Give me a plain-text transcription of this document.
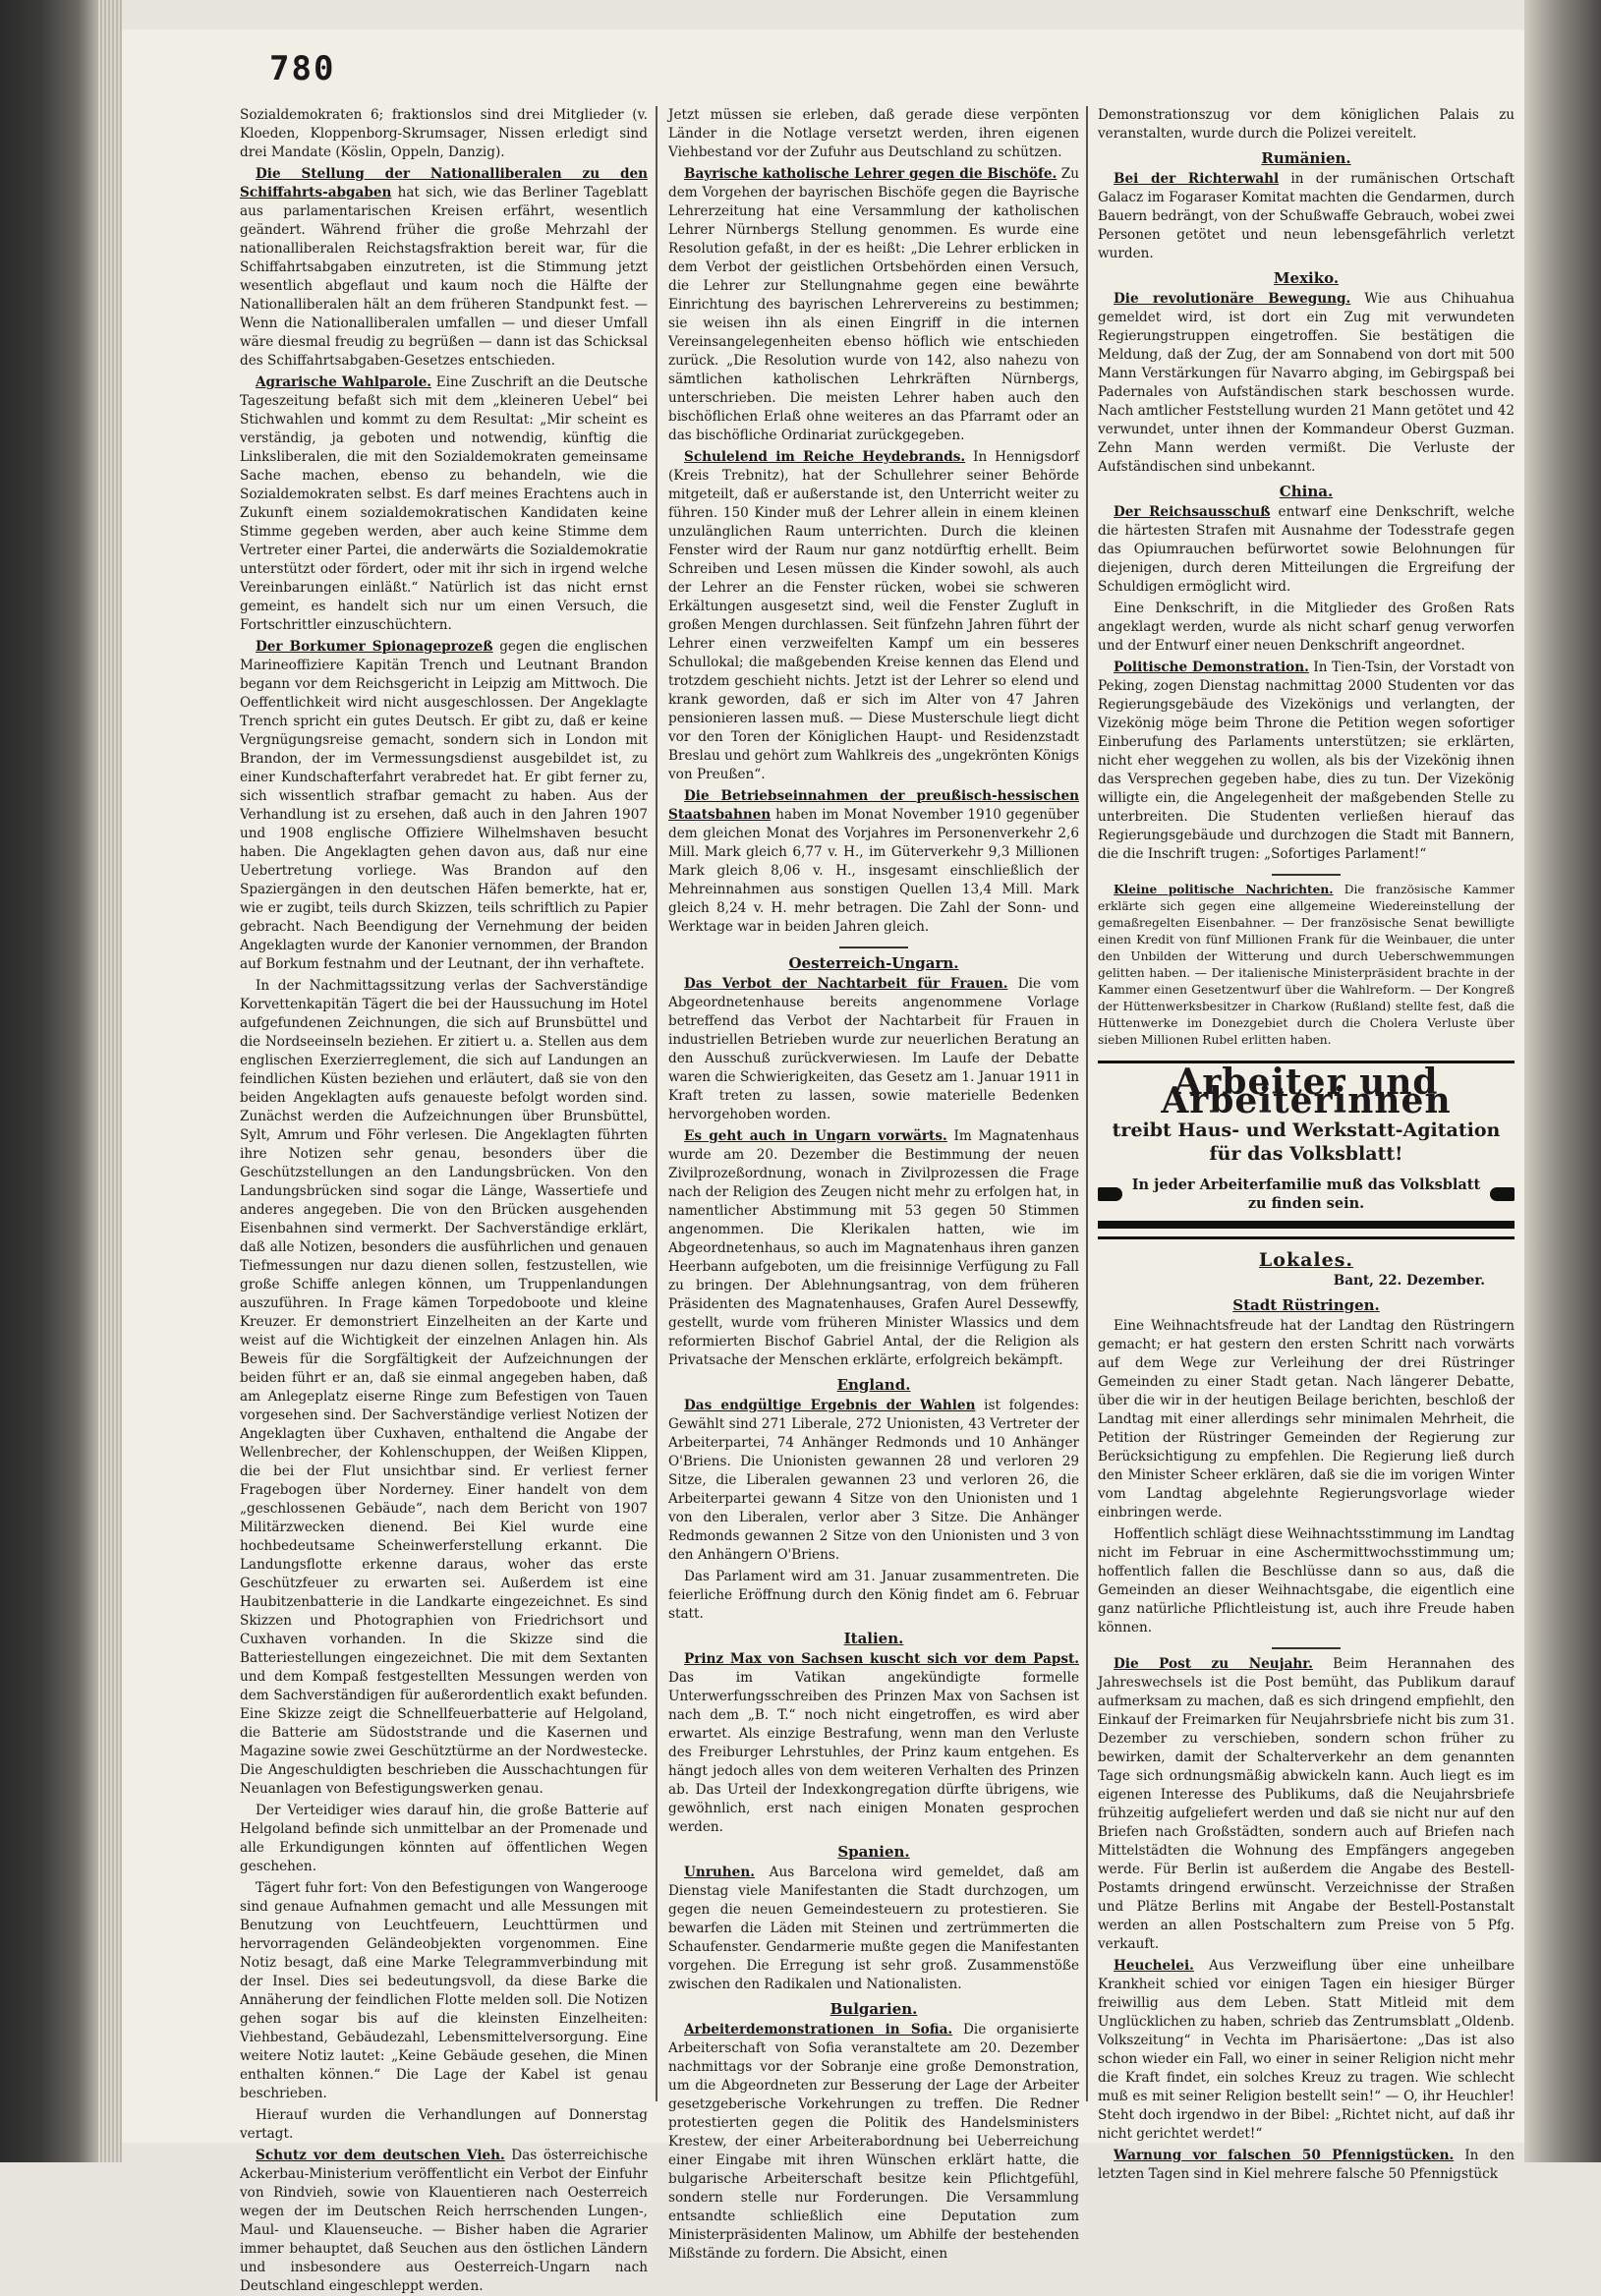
780

Sozialdemokraten 6; fraktionslos sind drei Mitglieder (v. Kloeden, Kloppenborg-Skrumsager, Nissen erledigt sind drei Mandate (Köslin, Oppeln, Danzig).

Die Stellung der Nationalliberalen zu den Schiffahrts-abgaben hat sich, wie das Berliner Tageblatt aus parlamentarischen Kreisen erfährt, wesentlich geändert. Während früher die große Mehrzahl der nationalliberalen Reichstagsfraktion bereit war, für die Schiffahrtsabgaben einzutreten, ist die Stimmung jetzt wesentlich abgeflaut und kaum noch die Hälfte der Nationalliberalen hält an dem früheren Standpunkt fest. — Wenn die Nationalliberalen umfallen — und dieser Umfall wäre diesmal freudig zu begrüßen — dann ist das Schicksal des Schiffahrtsabgaben-Gesetzes entschieden.

Agrarische Wahlparole. Eine Zuschrift an die Deutsche Tageszeitung befaßt sich mit dem „kleineren Uebel“ bei Stichwahlen und kommt zu dem Resultat: „Mir scheint es verständig, ja geboten und notwendig, künftig die Linksliberalen, die mit den Sozialdemokraten gemeinsame Sache machen, ebenso zu behandeln, wie die Sozialdemokraten selbst. Es darf meines Erachtens auch in Zukunft einem sozialdemokratischen Kandidaten keine Stimme gegeben werden, aber auch keine Stimme dem Vertreter einer Partei, die anderwärts die Sozialdemokratie unterstützt oder fördert, oder mit ihr sich in irgend welche Vereinbarungen einläßt.“ Natürlich ist das nicht ernst gemeint, es handelt sich nur um einen Versuch, die Fortschrittler einzuschüchtern.

Der Borkumer Spionageprozeß gegen die englischen Marineoffiziere Kapitän Trench und Leutnant Brandon begann vor dem Reichsgericht in Leipzig am Mittwoch. Die Oeffentlichkeit wird nicht ausgeschlossen. Der Angeklagte Trench spricht ein gutes Deutsch. Er gibt zu, daß er keine Vergnügungsreise gemacht, sondern sich in London mit Brandon, der im Vermessungsdienst ausgebildet ist, zu einer Kundschafterfahrt verabredet hat. Er gibt ferner zu, sich wissentlich strafbar gemacht zu haben. Aus der Verhandlung ist zu ersehen, daß auch in den Jahren 1907 und 1908 englische Offiziere Wilhelmshaven besucht haben. Die Angeklagten gehen davon aus, daß nur eine Uebertretung vorliege. Was Brandon auf den Spaziergängen in den deutschen Häfen bemerkte, hat er, wie er zugibt, teils durch Skizzen, teils schriftlich zu Papier gebracht. Nach Beendigung der Vernehmung der beiden Angeklagten wurde der Kanonier vernommen, der Brandon auf Borkum festnahm und der Leutnant, der ihn verhaftete.

In der Nachmittagssitzung verlas der Sachverständige Korvettenkapitän Tägert die bei der Haussuchung im Hotel aufgefundenen Zeichnungen, die sich auf Brunsbüttel und die Nordseeinseln beziehen. Er zitiert u. a. Stellen aus dem englischen Exerzierreglement, die sich auf Landungen an feindlichen Küsten beziehen und erläutert, daß sie von den beiden Angeklagten aufs genaueste befolgt worden sind. Zunächst werden die Aufzeichnungen über Brunsbüttel, Sylt, Amrum und Föhr verlesen. Die Angeklagten führten ihre Notizen sehr genau, besonders über die Geschützstellungen an den Landungsbrücken. Von den Landungsbrücken sind sogar die Länge, Wassertiefe und anderes angegeben. Die von den Brücken ausgehenden Eisenbahnen sind vermerkt. Der Sachverständige erklärt, daß alle Notizen, besonders die ausführlichen und genauen Tiefmessungen nur dazu dienen sollen, festzustellen, wie große Schiffe anlegen können, um Truppenlandungen auszuführen. In Frage kämen Torpedoboote und kleine Kreuzer. Er demonstriert Einzelheiten an der Karte und weist auf die Wichtigkeit der einzelnen Anlagen hin. Als Beweis für die Sorgfältigkeit der Aufzeichnungen der beiden führt er an, daß sie einmal angegeben haben, daß am Anlegeplatz eiserne Ringe zum Befestigen von Tauen vorgesehen sind. Der Sachverständige verliest Notizen der Angeklagten über Cuxhaven, enthaltend die Angabe der Wellenbrecher, der Kohlenschuppen, der Weißen Klippen, die bei der Flut unsichtbar sind. Er verliest ferner Fragebogen über Norderney. Einer handelt von dem „geschlossenen Gebäude“, nach dem Bericht von 1907 Militärzwecken dienend. Bei Kiel wurde eine hochbedeutsame Scheinwerferstellung erkannt. Die Landungsflotte erkenne daraus, woher das erste Geschützfeuer zu erwarten sei. Außerdem ist eine Haubitzenbatterie in die Landkarte eingezeichnet. Es sind Skizzen und Photographien von Friedrichsort und Cuxhaven vorhanden. In die Skizze sind die Batteriestellungen eingezeichnet. Die mit dem Sextanten und dem Kompaß festgestellten Messungen werden von dem Sachverständigen für außerordentlich exakt befunden. Eine Skizze zeigt die Schnellfeuerbatterie auf Helgoland, die Batterie am Südoststrande und die Kasernen und Magazine sowie zwei Geschütztürme an der Nordwestecke. Die Angeschuldigten beschrieben die Ausschachtungen für Neuanlagen von Befestigungswerken genau.

Der Verteidiger wies darauf hin, die große Batterie auf Helgoland befinde sich unmittelbar an der Promenade und alle Erkundigungen könnten auf öffentlichen Wegen geschehen.

Tägert fuhr fort: Von den Befestigungen von Wangerooge sind genaue Aufnahmen gemacht und alle Messungen mit Benutzung von Leuchtfeuern, Leuchttürmen und hervorragenden Geländeobjekten vorgenommen. Eine Notiz besagt, daß eine Marke Telegrammverbindung mit der Insel. Dies sei bedeutungsvoll, da diese Barke die Annäherung der feindlichen Flotte melden soll. Die Notizen gehen sogar bis auf die kleinsten Einzelheiten: Viehbestand, Gebäudezahl, Lebensmittelversorgung. Eine weitere Notiz lautet: „Keine Gebäude gesehen, die Minen enthalten können.“ Die Lage der Kabel ist genau beschrieben.

Hierauf wurden die Verhandlungen auf Donnerstag vertagt.

Schutz vor dem deutschen Vieh. Das österreichische Ackerbau-Ministerium veröffentlicht ein Verbot der Einfuhr von Rindvieh, sowie von Klauentieren nach Oesterreich wegen der im Deutschen Reich herrschenden Lungen-, Maul- und Klauenseuche. — Bisher haben die Agrarier immer behauptet, daß Seuchen aus den östlichen Ländern und insbesondere aus Oesterreich-Ungarn nach Deutschland eingeschleppt werden.

Jetzt müssen sie erleben, daß gerade diese verpönten Länder in die Notlage versetzt werden, ihren eigenen Viehbestand vor der Zufuhr aus Deutschland zu schützen.

Bayrische katholische Lehrer gegen die Bischöfe. Zu dem Vorgehen der bayrischen Bischöfe gegen die Bayrische Lehrerzeitung hat eine Versammlung der katholischen Lehrer Nürnbergs Stellung genommen. Es wurde eine Resolution gefaßt, in der es heißt: „Die Lehrer erblicken in dem Verbot der geistlichen Ortsbehörden einen Versuch, die Lehrer zur Stellungnahme gegen eine bewährte Einrichtung des bayrischen Lehrervereins zu bestimmen; sie weisen ihn als einen Eingriff in die internen Vereinsangelegenheiten ebenso höflich wie entschieden zurück. „Die Resolution wurde von 142, also nahezu von sämtlichen katholischen Lehrkräften Nürnbergs, unterschrieben. Die meisten Lehrer haben auch den bischöflichen Erlaß ohne weiteres an das Pfarramt oder an das bischöfliche Ordinariat zurückgegeben.

Schulelend im Reiche Heydebrands. In Hennigsdorf (Kreis Trebnitz), hat der Schullehrer seiner Behörde mitgeteilt, daß er außerstande ist, den Unterricht weiter zu führen. 150 Kinder muß der Lehrer allein in einem kleinen unzulänglichen Raum unterrichten. Durch die kleinen Fenster wird der Raum nur ganz notdürftig erhellt. Beim Schreiben und Lesen müssen die Kinder sowohl, als auch der Lehrer an die Fenster rücken, wobei sie schweren Erkältungen ausgesetzt sind, weil die Fenster Zugluft in großen Mengen durchlassen. Seit fünfzehn Jahren führt der Lehrer einen verzweifelten Kampf um ein besseres Schullokal; die maßgebenden Kreise kennen das Elend und trotzdem geschieht nichts. Jetzt ist der Lehrer so elend und krank geworden, daß er sich im Alter von 47 Jahren pensionieren lassen muß. — Diese Musterschule liegt dicht vor den Toren der Königlichen Haupt- und Residenzstadt Breslau und gehört zum Wahlkreis des „ungekrönten Königs von Preußen“.

Die Betriebseinnahmen der preußisch-hessischen Staatsbahnen haben im Monat November 1910 gegenüber dem gleichen Monat des Vorjahres im Personenverkehr 2,6 Mill. Mark gleich 6,77 v. H., im Güterverkehr 9,3 Millionen Mark gleich 8,06 v. H., insgesamt einschließlich der Mehreinnahmen aus sonstigen Quellen 13,4 Mill. Mark gleich 8,24 v. H. mehr betragen. Die Zahl der Sonn- und Werktage war in beiden Jahren gleich.

Oesterreich-Ungarn.

Das Verbot der Nachtarbeit für Frauen. Die vom Abgeordnetenhause bereits angenommene Vorlage betreffend das Verbot der Nachtarbeit für Frauen in industriellen Betrieben wurde zur neuerlichen Beratung an den Ausschuß zurückverwiesen. Im Laufe der Debatte waren die Schwierigkeiten, das Gesetz am 1. Januar 1911 in Kraft treten zu lassen, sowie materielle Bedenken hervorgehoben worden.

Es geht auch in Ungarn vorwärts. Im Magnatenhaus wurde am 20. Dezember die Bestimmung der neuen Zivilprozeßordnung, wonach in Zivilprozessen die Frage nach der Religion des Zeugen nicht mehr zu erfolgen hat, in namentlicher Abstimmung mit 53 gegen 50 Stimmen angenommen. Die Klerikalen hatten, wie im Abgeordnetenhaus, so auch im Magnatenhaus ihren ganzen Heerbann aufgeboten, um die freisinnige Verfügung zu Fall zu bringen. Der Ablehnungsantrag, von dem früheren Präsidenten des Magnatenhauses, Grafen Aurel Dessewffy, gestellt, wurde vom früheren Minister Wlassics und dem reformierten Bischof Gabriel Antal, der die Religion als Privatsache der Menschen erklärte, erfolgreich bekämpft.

England.

Das endgültige Ergebnis der Wahlen ist folgendes: Gewählt sind 271 Liberale, 272 Unionisten, 43 Vertreter der Arbeiterpartei, 74 Anhänger Redmonds und 10 Anhänger O'Briens. Die Unionisten gewannen 28 und verloren 29 Sitze, die Liberalen gewannen 23 und verloren 26, die Arbeiterpartei gewann 4 Sitze von den Unionisten und 1 von den Liberalen, verlor aber 3 Sitze. Die Anhänger Redmonds gewannen 2 Sitze von den Unionisten und 3 von den Anhängern O'Briens.

Das Parlament wird am 31. Januar zusammentreten. Die feierliche Eröffnung durch den König findet am 6. Februar statt.

Italien.

Prinz Max von Sachsen kuscht sich vor dem Papst. Das im Vatikan angekündigte formelle Unterwerfungsschreiben des Prinzen Max von Sachsen ist nach dem „B. T.“ noch nicht eingetroffen, es wird aber erwartet. Als einzige Bestrafung, wenn man den Verluste des Freiburger Lehrstuhles, der Prinz kaum entgehen. Es hängt jedoch alles von dem weiteren Verhalten des Prinzen ab. Das Urteil der Indexkongregation dürfte übrigens, wie gewöhnlich, erst nach einigen Monaten gesprochen werden.

Spanien.

Unruhen. Aus Barcelona wird gemeldet, daß am Dienstag viele Manifestanten die Stadt durchzogen, um gegen die neuen Gemeindesteuern zu protestieren. Sie bewarfen die Läden mit Steinen und zertrümmerten die Schaufenster. Gendarmerie mußte gegen die Manifestanten vorgehen. Die Erregung ist sehr groß. Zusammenstöße zwischen den Radikalen und Nationalisten.

Bulgarien.

Arbeiterdemonstrationen in Sofia. Die organisierte Arbeiterschaft von Sofia veranstaltete am 20. Dezember nachmittags vor der Sobranje eine große Demonstration, um die Abgeordneten zur Besserung der Lage der Arbeiter gesetzgeberische Vorkehrungen zu treffen. Die Redner protestierten gegen die Politik des Handelsministers Krestew, der einer Arbeiterabordnung bei Ueberreichung einer Eingabe mit ihren Wünschen erklärt hatte, die bulgarische Arbeiterschaft besitze kein Pflichtgefühl, sondern stelle nur Forderungen. Die Versammlung entsandte schließlich eine Deputation zum Ministerpräsidenten Malinow, um Abhilfe der bestehenden Mißstände zu fordern. Die Absicht, einen

Demonstrationszug vor dem königlichen Palais zu veranstalten, wurde durch die Polizei vereitelt.

Rumänien.

Bei der Richterwahl in der rumänischen Ortschaft Galacz im Fogaraser Komitat machten die Gendarmen, durch Bauern bedrängt, von der Schußwaffe Gebrauch, wobei zwei Personen getötet und neun lebensgefährlich verletzt wurden.

Mexiko.

Die revolutionäre Bewegung. Wie aus Chihuahua gemeldet wird, ist dort ein Zug mit verwundeten Regierungstruppen eingetroffen. Sie bestätigen die Meldung, daß der Zug, der am Sonnabend von dort mit 500 Mann Verstärkungen für Navarro abging, im Gebirgspaß bei Padernales von Aufständischen stark beschossen wurde. Nach amtlicher Feststellung wurden 21 Mann getötet und 42 verwundet, unter ihnen der Kommandeur Oberst Guzman. Zehn Mann werden vermißt. Die Verluste der Aufständischen sind unbekannt.

China.

Der Reichsausschuß entwarf eine Denkschrift, welche die härtesten Strafen mit Ausnahme der Todesstrafe gegen das Opiumrauchen befürwortet sowie Belohnungen für diejenigen, durch deren Mitteilungen die Ergreifung der Schuldigen ermöglicht wird.

Eine Denkschrift, in die Mitglieder des Großen Rats angeklagt werden, wurde als nicht scharf genug verworfen und der Entwurf einer neuen Denkschrift angeordnet.

Politische Demonstration. In Tien-Tsin, der Vorstadt von Peking, zogen Dienstag nachmittag 2000 Studenten vor das Regierungsgebäude des Vizekönigs und verlangten, der Vizekönig möge beim Throne die Petition wegen sofortiger Einberufung des Parlaments unterstützen; sie erklärten, nicht eher weggehen zu wollen, als bis der Vizekönig ihnen das Versprechen gegeben habe, dies zu tun. Der Vizekönig willigte ein, die Angelegenheit der maßgebenden Stelle zu unterbreiten. Die Studenten verließen hierauf das Regierungsgebäude und durchzogen die Stadt mit Bannern, die die Inschrift trugen: „Sofortiges Parlament!“

Kleine politische Nachrichten. Die französische Kammer erklärte sich gegen eine allgemeine Wiedereinstellung der gemaßregelten Eisenbahner. — Der französische Senat bewilligte einen Kredit von fünf Millionen Frank für die Weinbauer, die unter den Unbilden der Witterung und durch Ueberschwemmungen gelitten haben. — Der italienische Ministerpräsident brachte in der Kammer einen Gesetzentwurf über die Wahlreform. — Der Kongreß der Hüttenwerksbesitzer in Charkow (Rußland) stellte fest, daß die Hüttenwerke im Donezgebiet durch die Cholera Verluste über sieben Millionen Rubel erlitten haben.

Arbeiter und Arbeiterinnen
treibt Haus- und Werkstatt-Agitation für das Volksblatt!
In jeder Arbeiterfamilie muß das Volksblatt zu finden sein.
Lokales.
Bant, 22. Dezember.
Stadt Rüstringen.

Eine Weihnachtsfreude hat der Landtag den Rüstringern gemacht; er hat gestern den ersten Schritt nach vorwärts auf dem Wege zur Verleihung der drei Rüstringer Gemeinden zu einer Stadt getan. Nach längerer Debatte, über die wir in der heutigen Beilage berichten, beschloß der Landtag mit einer allerdings sehr minimalen Mehrheit, die Petition der Rüstringer Gemeinden der Regierung zur Berücksichtigung zu empfehlen. Die Regierung ließ durch den Minister Scheer erklären, daß sie die im vorigen Winter vom Landtag abgelehnte Regierungsvorlage wieder einbringen werde.

Hoffentlich schlägt diese Weihnachtsstimmung im Landtag nicht im Februar in eine Aschermittwochsstimmung um; hoffentlich fallen die Beschlüsse dann so aus, daß die Gemeinden an dieser Weihnachtsgabe, die eigentlich eine ganz natürliche Pflichtleistung ist, auch ihre Freude haben können.

Die Post zu Neujahr. Beim Herannahen des Jahreswechsels ist die Post bemüht, das Publikum darauf aufmerksam zu machen, daß es sich dringend empfiehlt, den Einkauf der Freimarken für Neujahrsbriefe nicht bis zum 31. Dezember zu verschieben, sondern schon früher zu bewirken, damit der Schalterverkehr an dem genannten Tage sich ordnungsmäßig abwickeln kann. Auch liegt es im eigenen Interesse des Publikums, daß die Neujahrsbriefe frühzeitig aufgeliefert werden und daß sie nicht nur auf den Briefen nach Großstädten, sondern auch auf Briefen nach Mittelstädten die Wohnung des Empfängers angegeben werde. Für Berlin ist außerdem die Angabe des Bestell-Postamts dringend erwünscht. Verzeichnisse der Straßen und Plätze Berlins mit Angabe der Bestell-Postanstalt werden an allen Postschaltern zum Preise von 5 Pfg. verkauft.

Heuchelei. Aus Verzweiflung über eine unheilbare Krankheit schied vor einigen Tagen ein hiesiger Bürger freiwillig aus dem Leben. Statt Mitleid mit dem Unglücklichen zu haben, schrieb das Zentrumsblatt „Oldenb. Volkszeitung“ in Vechta im Pharisäertone: „Das ist also schon wieder ein Fall, wo einer in seiner Religion nicht mehr die Kraft findet, ein solches Kreuz zu tragen. Wie schlecht muß es mit seiner Religion bestellt sein!“ — O, ihr Heuchler! Steht doch irgendwo in der Bibel: „Richtet nicht, auf daß ihr nicht gerichtet werdet!“

Warnung vor falschen 50 Pfennigstücken. In den letzten Tagen sind in Kiel mehrere falsche 50 Pfennigstück
